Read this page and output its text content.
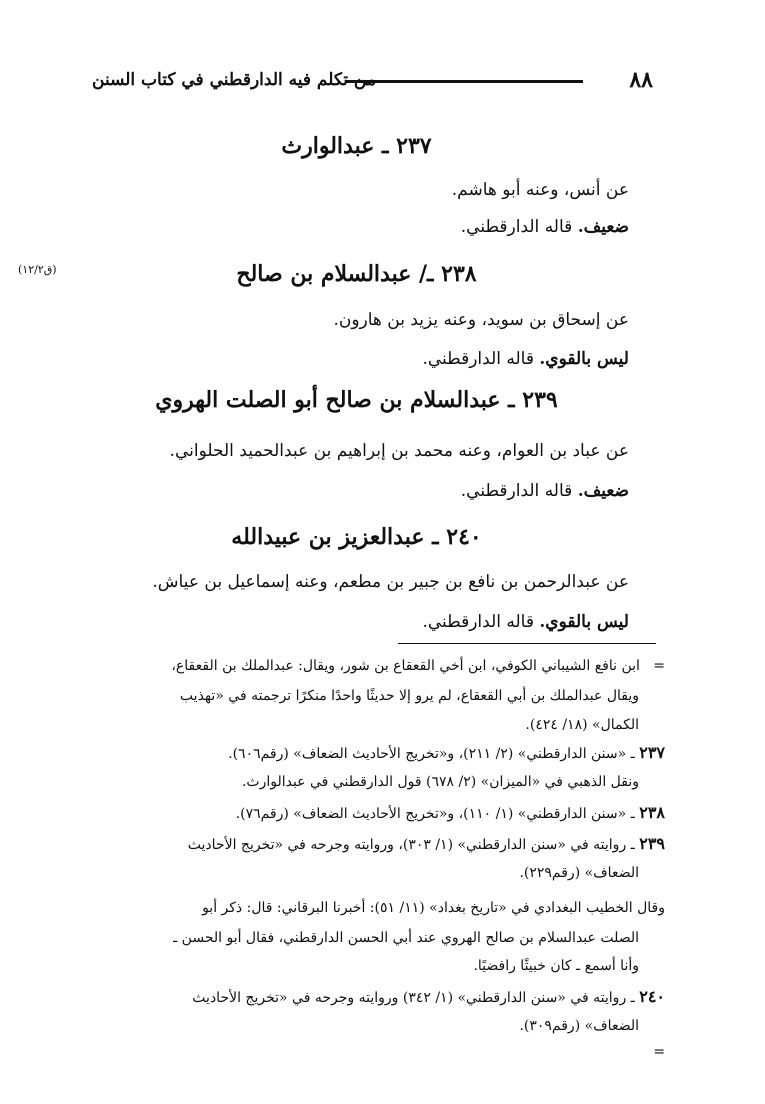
٨٨
من تكلم فيه الدارقطني في كتاب السنن
٢٣٧ ـ عبدالوارث
عن أنس، وعنه أبو هاشم.
ضعيف. قاله الدارقطني.
(ق١٢/٢)	٢٣٨ ـ/ عبدالسلام بن صالح
عن إسحاق بن سويد، وعنه يزيد بن هارون.
ليس بالقوي. قاله الدارقطني.
٢٣٩ ـ عبدالسلام بن صالح أبو الصلت الهروي
عن عباد بن العوام، وعنه محمد بن إبراهيم بن عبدالحميد الحلواني.
ضعيف. قاله الدارقطني.
٢٤٠ ـ عبدالعزيز بن عبيدالله
عن عبدالرحمن بن نافع بن جبير بن مطعم، وعنه إسماعيل بن عياش.
ليس بالقوي. قاله الدارقطني.
=   ابن نافع الشيباني الكوفي، ابن أخي القعقاع بن شور، ويقال: عبدالملك بن القعقاع،
ويقال عبدالملك بن أبي القعقاع، لم يرو إلا حديثًا واحدًا منكرًا ترجمته في «تهذيب
الكمال» (١٨/ ٤٢٤).
٢٣٧ ـ «سنن الدارقطني» (٢/ ٢١١)، و«تخريج الأحاديث الضعاف» (رقم٦٠٦).
ونقل الذهبي في «الميزان» (٢/ ٦٧٨) قول الدارقطني في عبدالوارث.
٢٣٨ ـ «سنن الدارقطني» (١/ ١١٠)، و«تخريج الأحاديث الضعاف» (رقم٧٦).
٢٣٩ ـ روايته في «سنن الدارقطني» (١/ ٣٠٣)، وروايته وجرحه في «تخريج الأحاديث
الضعاف» (رقم٢٢٩).
وقال الخطيب البغدادي في «تاريخ بغداد» (١١/ ٥١): أخبرنا البرقاني: قال: ذكر أبو
الصلت عبدالسلام بن صالح الهروي عند أبي الحسن الدارقطني، فقال أبو الحسن ـ
وأنا أسمع ـ كان خبيثًا رافضيًا.
٢٤٠ ـ روايته في «سنن الدارقطني» (١/ ٣٤٢) وروايته وجرحه في «تخريج الأحاديث
الضعاف» (رقم٣٠٩).
=
